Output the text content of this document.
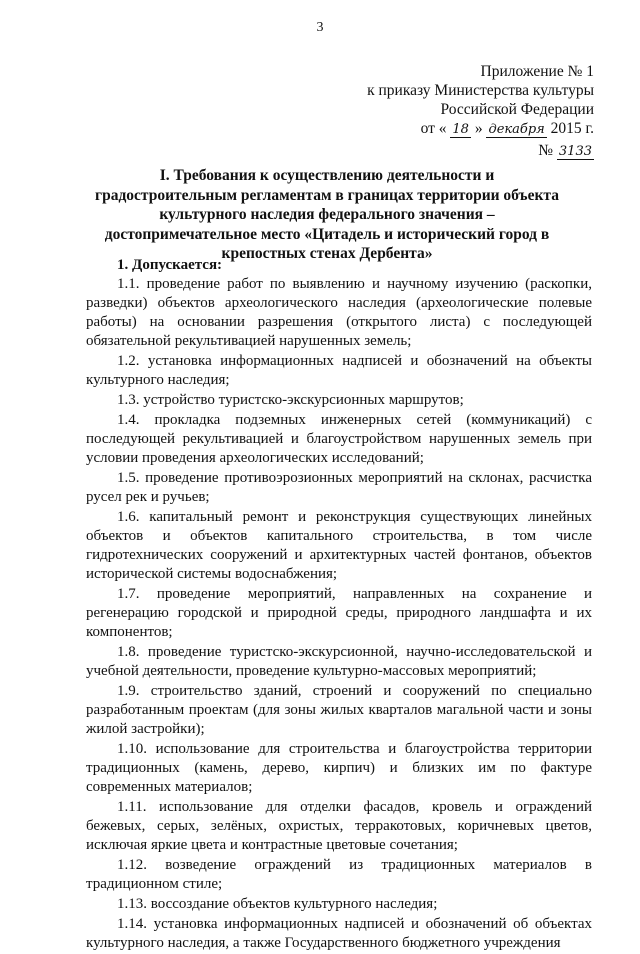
3
Приложение № 1
к приказу Министерства культуры
Российской Федерации
от « 18 » декабря 2015 г.
№ 3133
I. Требования к осуществлению деятельности и градостроительным регламентам в границах территории объекта культурного наследия федерального значения – достопримечательное место «Цитадель и исторический город в крепостных стенах Дербента»

1. Допускается:

1.1. проведение работ по выявлению и научному изучению (раскопки, разведки) объектов археологического наследия (археологические полевые работы) на основании разрешения (открытого листа) с последующей обязательной рекультивацией нарушенных земель;

1.2. установка информационных надписей и обозначений на объекты культурного наследия;

1.3. устройство туристско-экскурсионных маршрутов;

1.4. прокладка подземных инженерных сетей (коммуникаций) с последующей рекультивацией и благоустройством нарушенных земель при условии проведения археологических исследований;

1.5. проведение противоэрозионных мероприятий на склонах, расчистка русел рек и ручьев;

1.6. капитальный ремонт и реконструкция существующих линейных объектов и объектов капитального строительства, в том числе гидротехнических сооружений и архитектурных частей фонтанов, объектов исторической системы водоснабжения;

1.7. проведение мероприятий, направленных на сохранение и регенерацию городской и природной среды, природного ландшафта и их компонентов;

1.8. проведение туристско-экскурсионной, научно-исследовательской и учебной деятельности, проведение культурно-массовых мероприятий;

1.9. строительство зданий, строений и сооружений по специально разработанным проектам (для зоны жилых кварталов магальной части и зоны жилой застройки);

1.10. использование для строительства и благоустройства территории традиционных (камень, дерево, кирпич) и близких им по фактуре современных материалов;

1.11. использование для отделки фасадов, кровель и ограждений бежевых, серых, зелёных, охристых, терракотовых, коричневых цветов, исключая яркие цвета и контрастные цветовые сочетания;

1.12. возведение ограждений из традиционных материалов в традиционном стиле;

1.13. воссоздание объектов культурного наследия;

1.14. установка информационных надписей и обозначений об объектах культурного наследия, а также Государственного бюджетного учреждения
